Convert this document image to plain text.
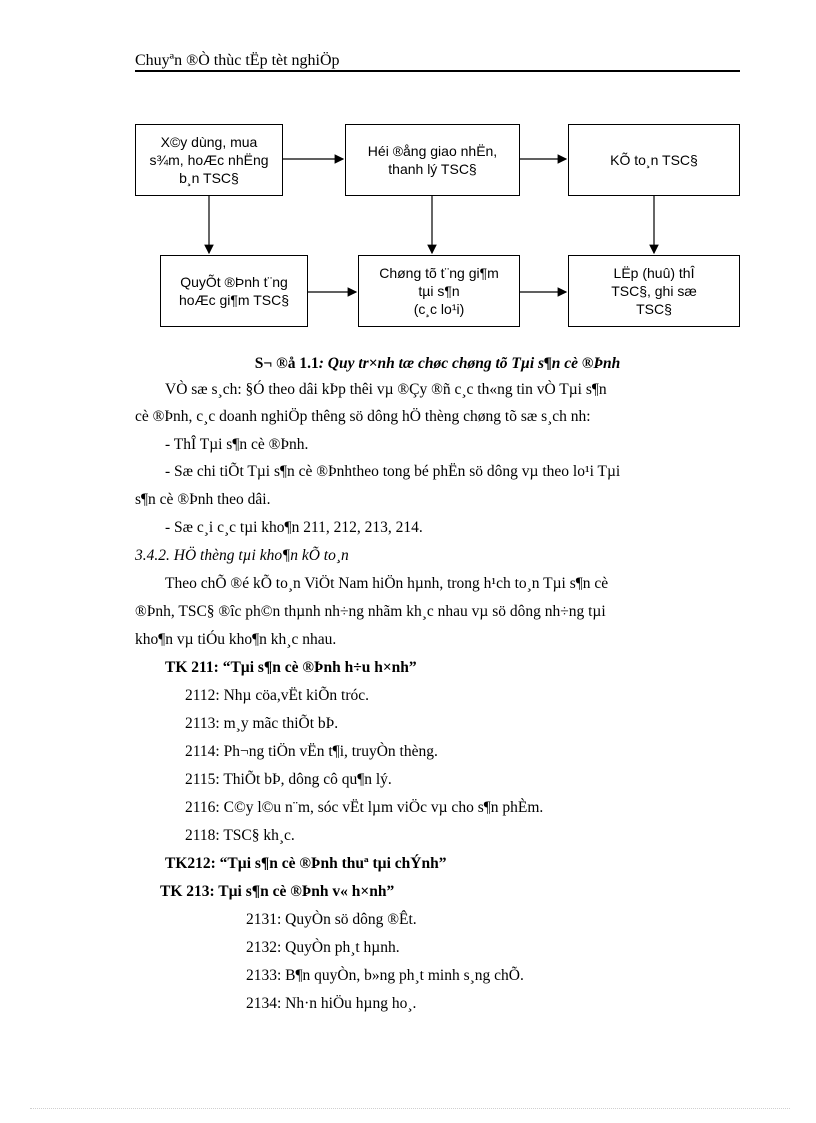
Chuyªn ®Ò thùc tËp tèt nghiÖp
X©y dùng, mua
s¾m, hoÆc nhËng
b¸n TSC§
Héi ®ång giao nhËn,
thanh lý TSC§
KÕ to¸n TSC§
QuyÕt ®Þnh t¨ng
hoÆc gi¶m TSC§
Chøng tõ t¨ng gi¶m
tµi s¶n
(c¸c lo¹i)
LËp (huû) thÎ
TSC§, ghi sæ
TSC§
S¬ ®å 1.1: Quy tr×nh tæ chøc chøng tõ Tµi s¶n cè ®Þnh
VÒ sæ s¸ch: §Ó theo dâi kÞp thêi vµ ®Çy ®ñ c¸c th«ng tin vÒ Tµi s¶n
cè ®Þnh, c¸c doanh nghiÖp thêng sö dông hÖ thèng chøng tõ sæ s¸ch nh:
- ThÎ Tµi s¶n cè ®Þnh.
- Sæ chi tiÕt Tµi s¶n cè ®Þnhtheo tong bé phËn sö dông vµ theo lo¹i Tµi
s¶n cè ®Þnh theo dâi.
- Sæ c¸i c¸c tµi kho¶n 211, 212, 213, 214.
3.4.2. HÖ thèng tµi kho¶n kÕ to¸n
Theo chÕ ®é kÕ to¸n ViÖt Nam hiÖn hµnh, trong h¹ch to¸n Tµi s¶n cè
®Þnh, TSC§ ®îc ph©n thµnh nh÷ng nhãm kh¸c nhau vµ sö dông nh÷ng tµi
kho¶n vµ tiÓu kho¶n kh¸c nhau.
TK 211: “Tµi s¶n cè ®Þnh h÷u h×nh”
2112: Nhµ cöa,vËt kiÕn tróc.
2113: m¸y mãc thiÕt bÞ.
2114: Ph¬ng tiÖn vËn t¶i, truyÒn thèng.
2115: ThiÕt bÞ, dông cô qu¶n lý.
2116: C©y l©u n¨m, sóc vËt lµm viÖc vµ cho s¶n phÈm.
2118: TSC§ kh¸c.
TK212: “Tµi s¶n cè ®Þnh thuª tµi chÝnh”
TK 213: Tµi s¶n cè ®Þnh v« h×nh”
2131: QuyÒn sö dông ®Êt.
2132: QuyÒn ph¸t hµnh.
2133: B¶n quyÒn, b»ng ph¸t minh s¸ng chÕ.
2134: Nh·n hiÖu hµng ho¸.
